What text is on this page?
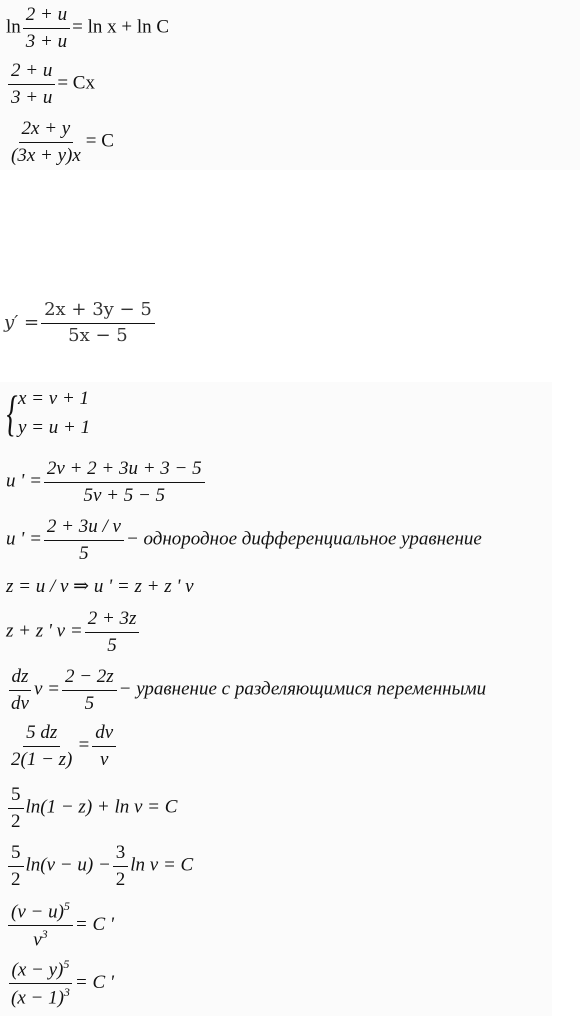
$\ln \frac{2 + u}{3 + u} = \ln x + \ln C$
$\frac{2 + u}{3 + u} = Cx$
$\frac{2x + y}{(3x + y)x} = C$
$y' = \frac{2x + 3y - 5}{5x - 5}$
{ x = v + 1
y = u + 1
u ' = $\frac{2v + 2 + 3u + 3 - 5}{5v + 5 - 5}$
u ' = $\frac{2 + 3u / v}{5}$ − однородное дифференциальное уравнение
z = u / v ⇒ u ' = z + z ' v
z + z ' $v = \frac{2 + 3z}{5}$
$\frac{dz}{dv}$ $v = \frac{2 - 2z}{5}$ − уравнение с разделяющимися переменными
$\frac{5 dz}{2(1 - z)} = \frac{dv}{v}$
$\frac{5}{2} \ln(1 - z) + \ln v = C$
$\frac{5}{2} \ln(v - u) - \frac{3}{2}$ ln v = C
$\frac{(v - u)^5}{v^3} = C$ '
$\frac{(x - y)^5}{(x - 1)^3} = C$ '
